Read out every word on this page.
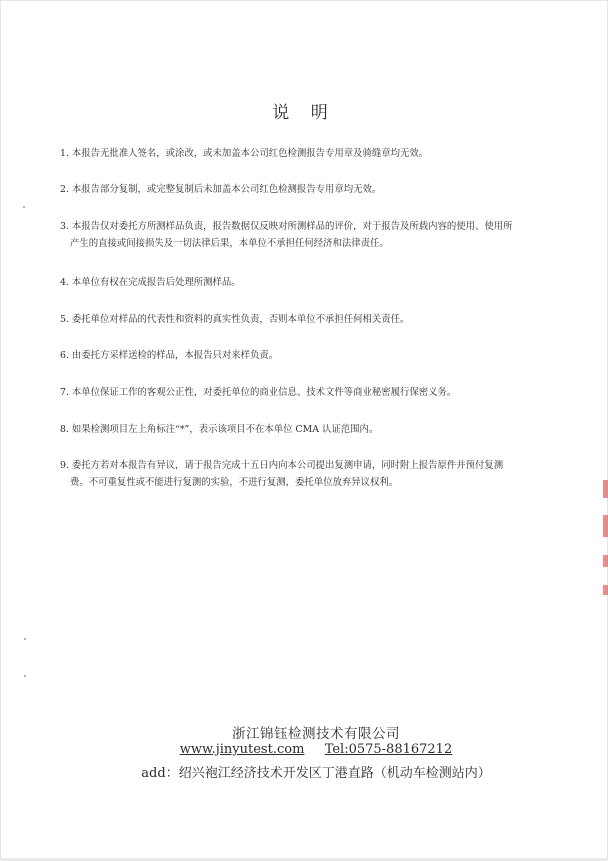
说 明
1. 本报告无批准人签名，或涂改，或未加盖本公司红色检测报告专用章及骑缝章均无效。
2. 本报告部分复制，或完整复制后未加盖本公司红色检测报告专用章均无效。
3. 本报告仅对委托方所测样品负责，报告数据仅反映对所测样品的评价，对于报告及所载内容的使用、使用所
产生的直接或间接损失及一切法律后果，本单位不承担任何经济和法律责任。
4. 本单位有权在完成报告后处理所测样品。
5. 委托单位对样品的代表性和资料的真实性负责，否则本单位不承担任何相关责任。
6. 由委托方采样送检的样品，本报告只对来样负责。
7. 本单位保证工作的客观公正性，对委托单位的商业信息、技术文件等商业秘密履行保密义务。
8. 如果检测项目左上角标注“*”，表示该项目不在本单位 CMA 认证范围内。
9. 委托方若对本报告有异议，请于报告完成十五日内向本公司提出复测申请，同时附上报告原件并预付复测
费。不可重复性或不能进行复测的实验，不进行复测，委托单位放弃异议权利。
浙江锦钰检测技术有限公司
www.jinyutest.com Tel:0575-88167212
add：绍兴袍江经济技术开发区丁港直路（机动车检测站内）
